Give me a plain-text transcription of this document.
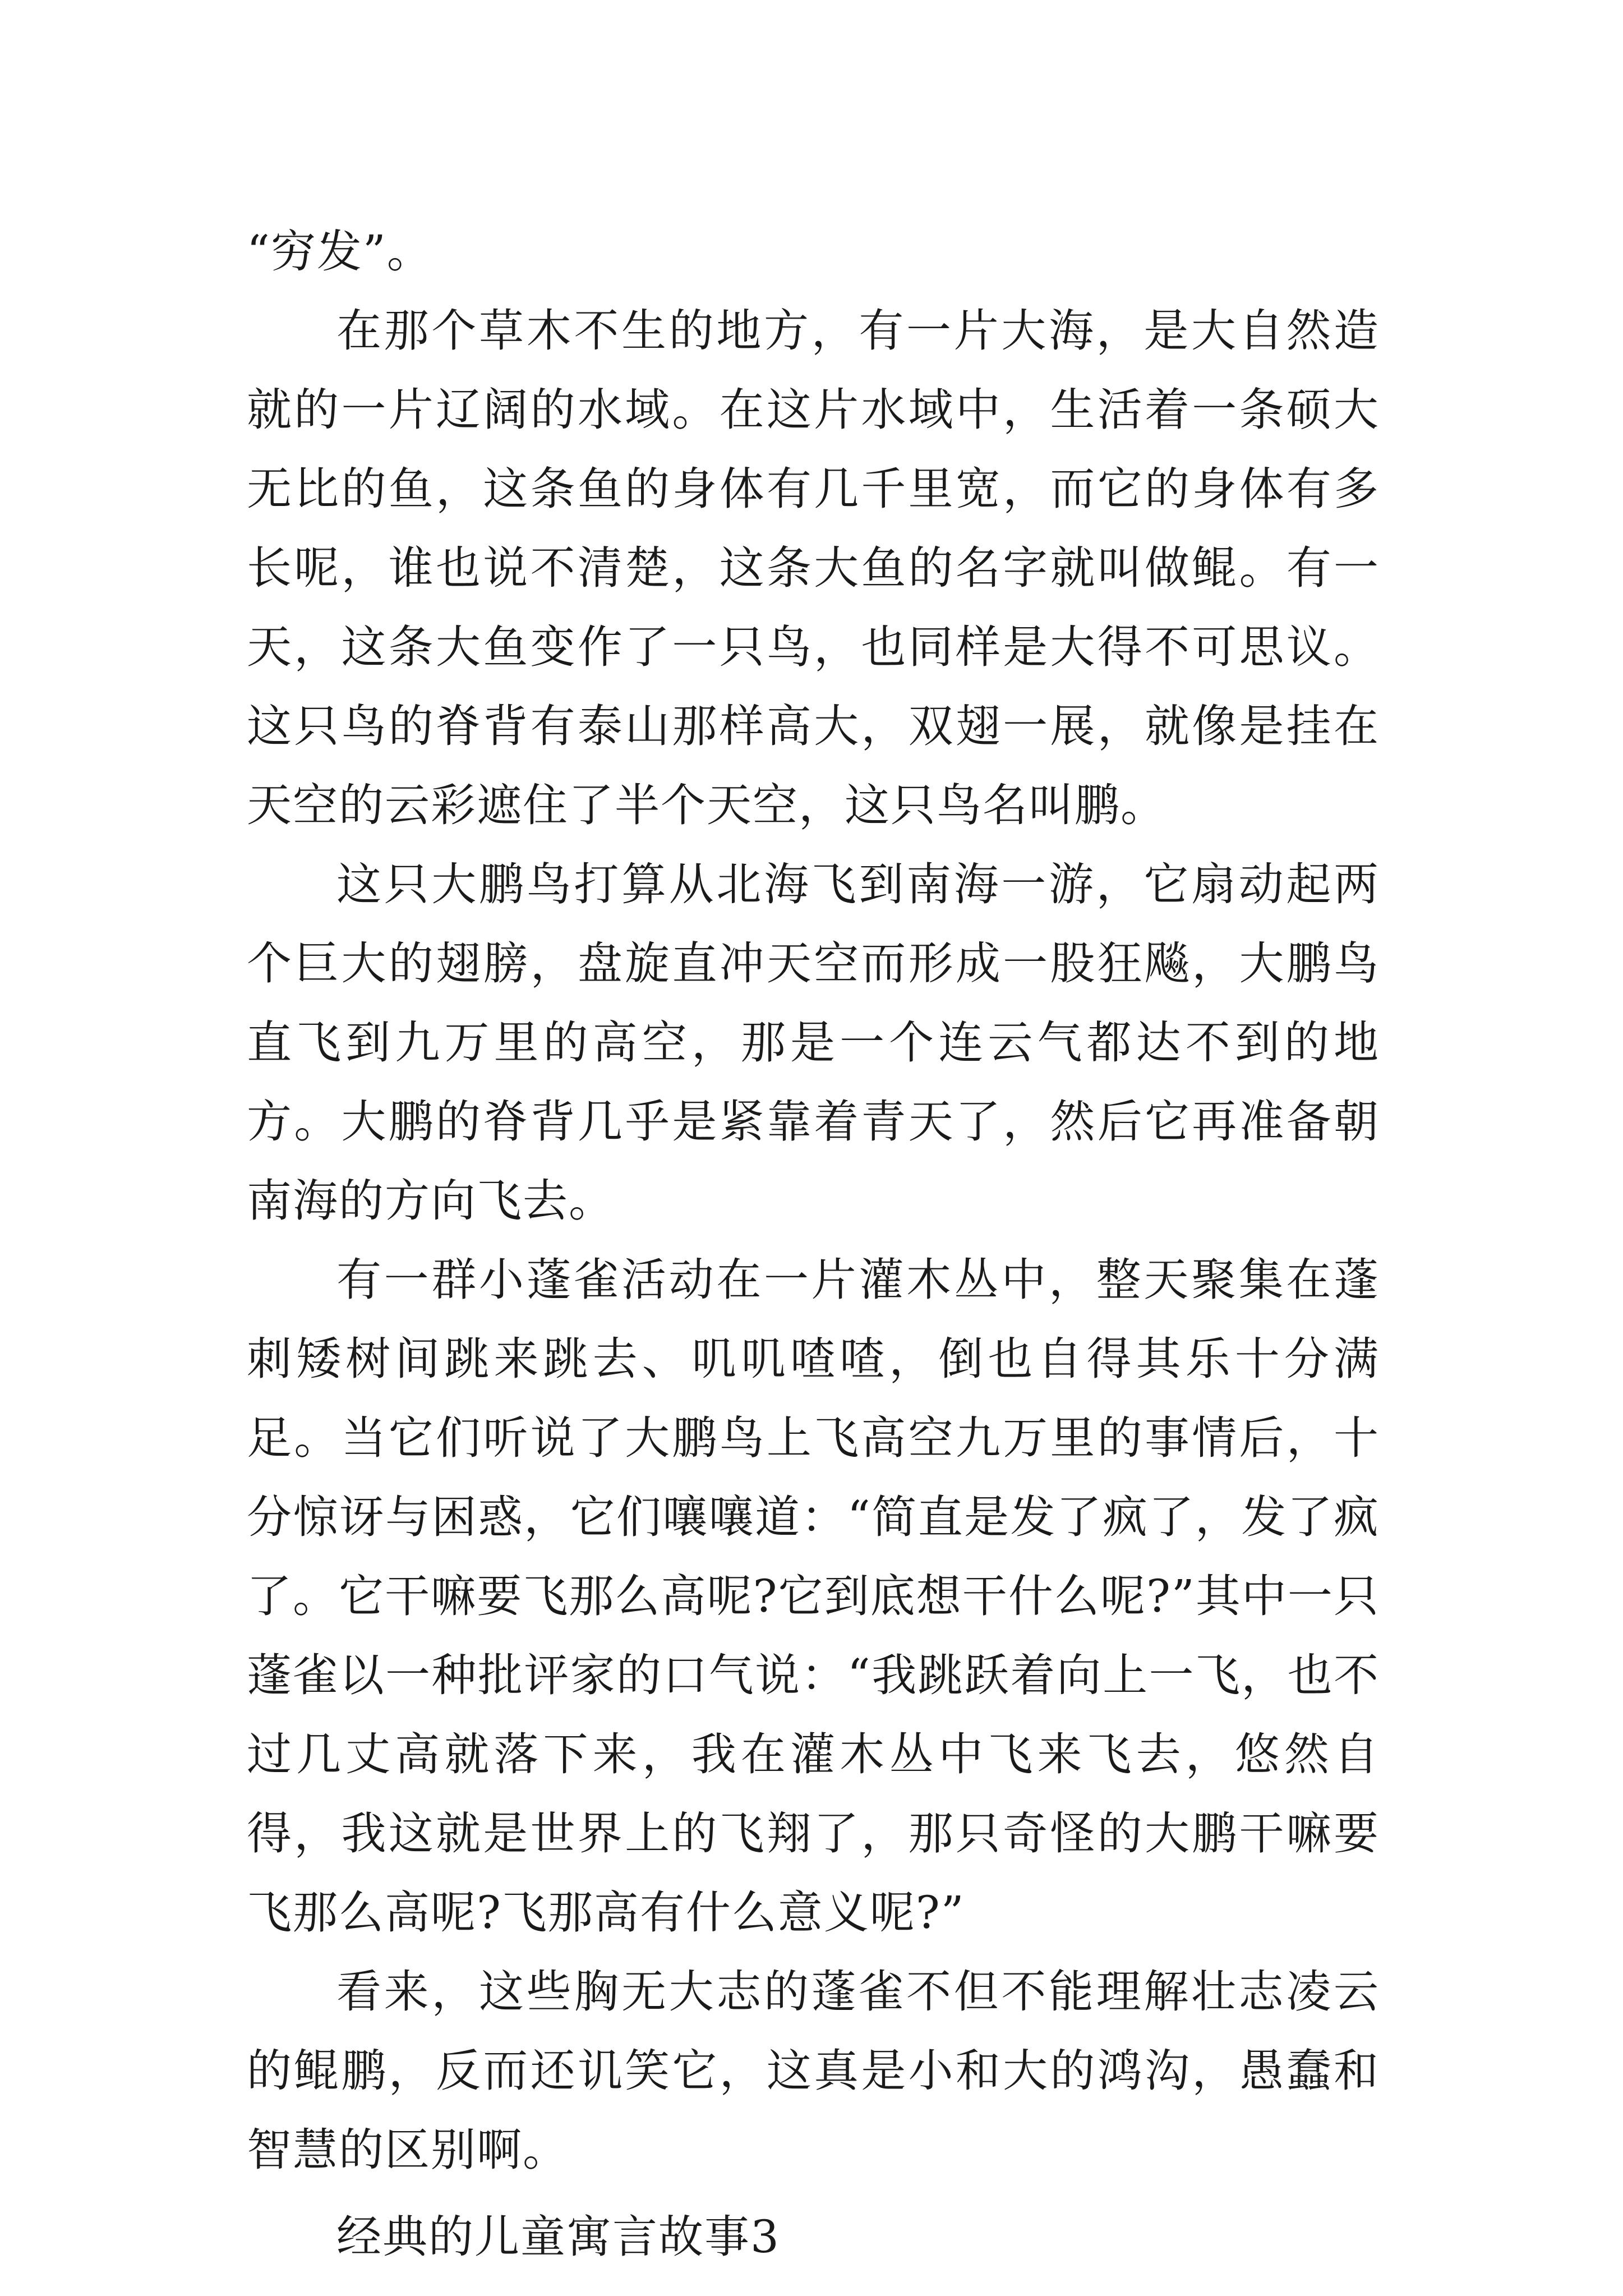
“穷发”。

在那个草木不生的地方，有一片大海，是大自然造就的一片辽阔的水域。在这片水域中，生活着一条硕大无比的鱼，这条鱼的身体有几千里宽，而它的身体有多长呢，谁也说不清楚，这条大鱼的名字就叫做鲲。有一天，这条大鱼变作了一只鸟，也同样是大得不可思议。这只鸟的脊背有泰山那样高大，双翅一展，就像是挂在天空的云彩遮住了半个天空，这只鸟名叫鹏。

这只大鹏鸟打算从北海飞到南海一游，它扇动起两个巨大的翅膀，盘旋直冲天空而形成一股狂飚，大鹏鸟直飞到九万里的高空，那是一个连云气都达不到的地方。大鹏的脊背几乎是紧靠着青天了，然后它再准备朝南海的方向飞去。

有一群小蓬雀活动在一片灌木丛中，整天聚集在蓬刺矮树间跳来跳去、叽叽喳喳，倒也自得其乐十分满足。当它们听说了大鹏鸟上飞高空九万里的事情后，十分惊讶与困惑，它们嚷嚷道：“简直是发了疯了，发了疯了。它干嘛要飞那么高呢?它到底想干什么呢?”其中一只蓬雀以一种批评家的口气说：“我跳跃着向上一飞，也不过几丈高就落下来，我在灌木丛中飞来飞去，悠然自得，我这就是世界上的飞翔了，那只奇怪的大鹏干嘛要飞那么高呢?飞那高有什么意义呢?”

看来，这些胸无大志的蓬雀不但不能理解壮志凌云的鲲鹏，反而还讥笑它，这真是小和大的鸿沟，愚蠢和智慧的区别啊。

经典的儿童寓言故事3
